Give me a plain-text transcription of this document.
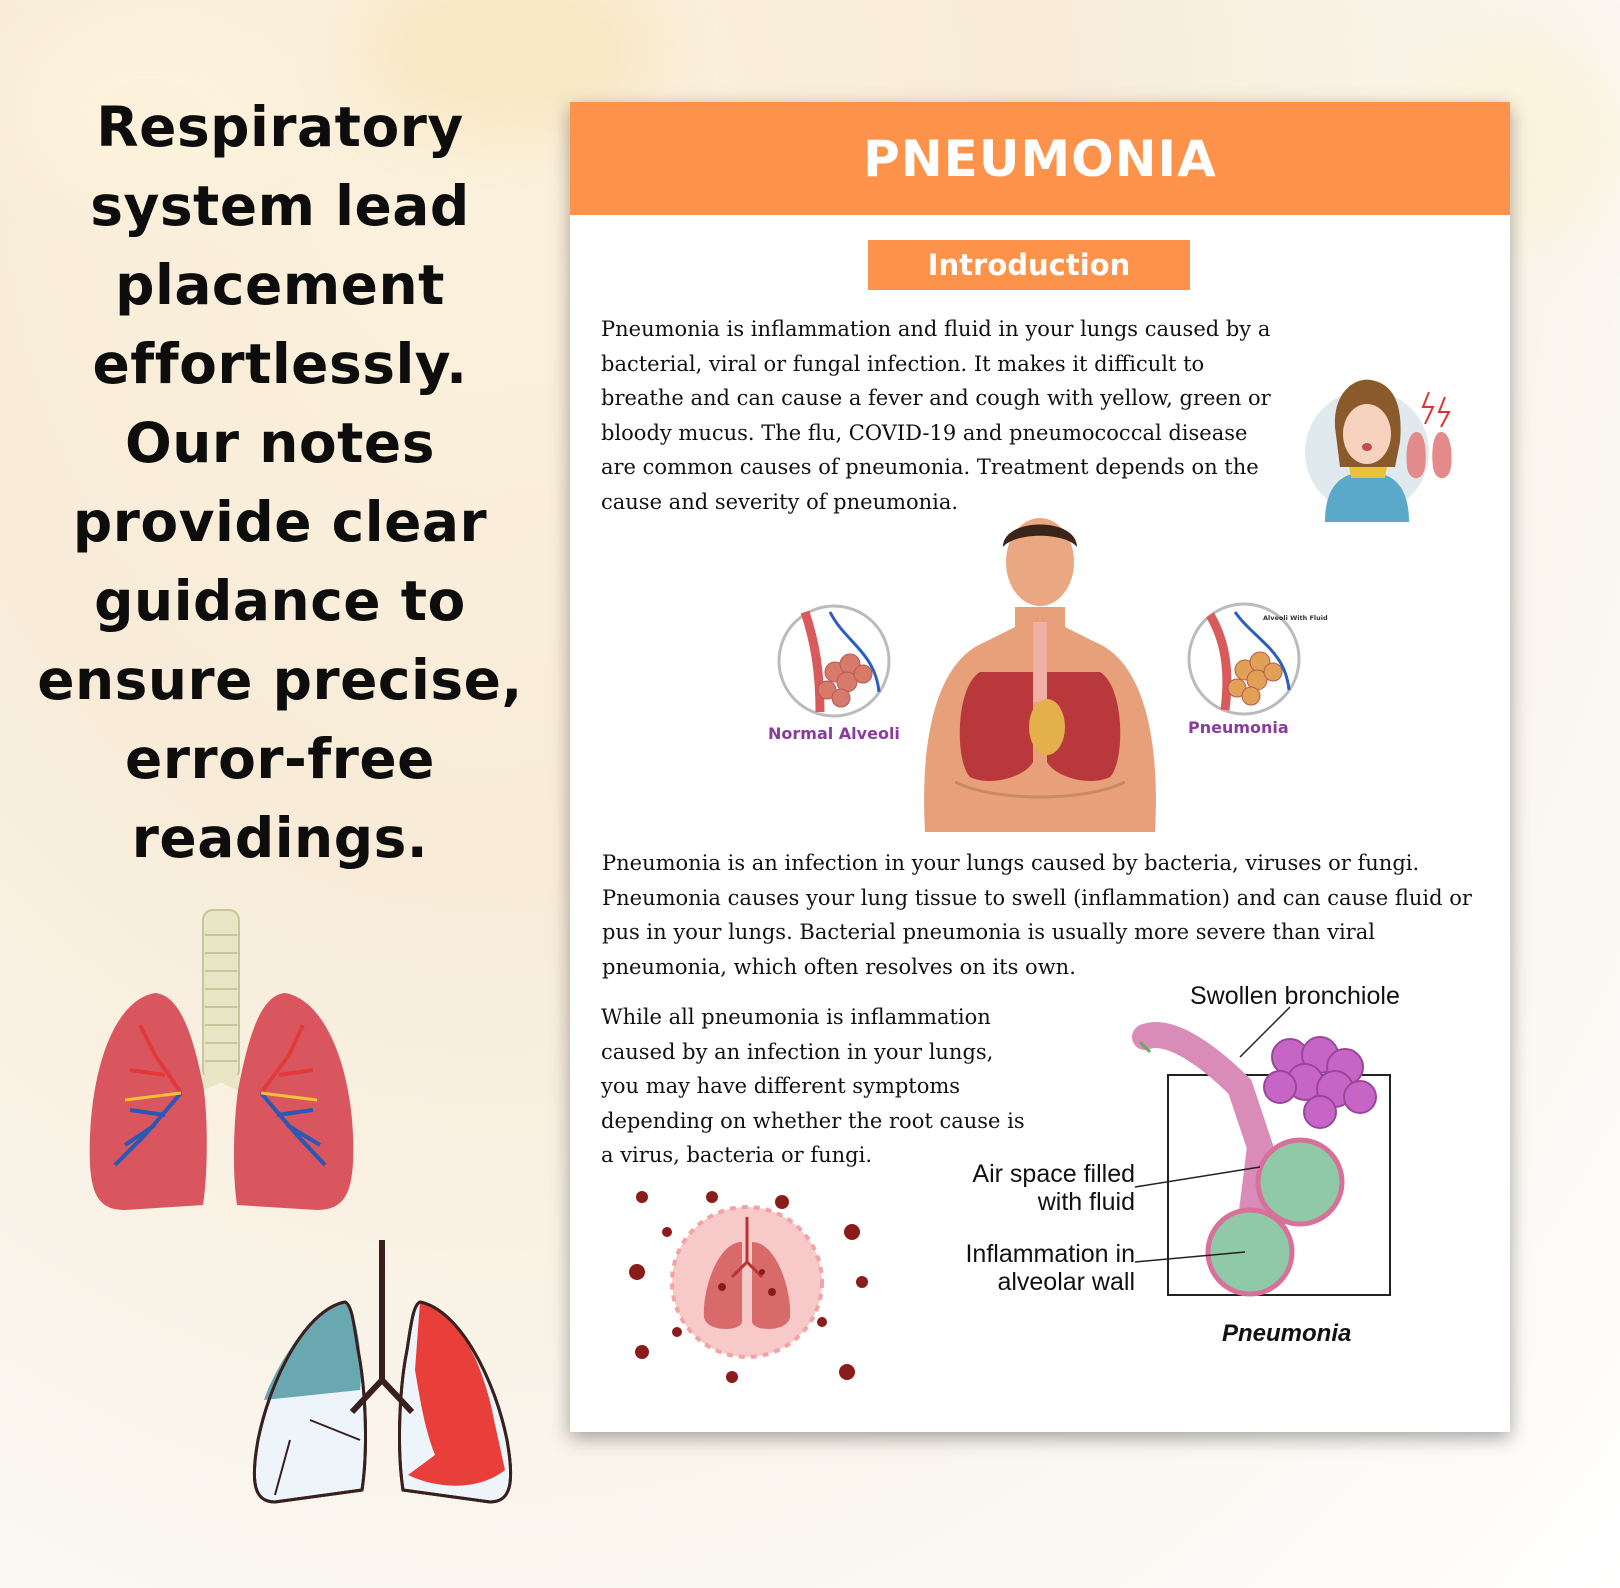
Respiratory
system lead
placement
effortlessly.
Our notes
provide clear
guidance to
ensure precise,
error-free
readings.
PNEUMONIA
Introduction
Pneumonia is inflammation and fluid in your lungs caused by a bacterial, viral or fungal infection. It makes it difficult to breathe and can cause a fever and cough with yellow, green or bloody mucus. The flu, COVID-19 and pneumococcal disease are common causes of pneumonia. Treatment depends on the cause and severity of pneumonia.
Normal Alveoli
Alveoli With Fluid
Pneumonia
Pneumonia is an infection in your lungs caused by bacteria, viruses or fungi. Pneumonia causes your lung tissue to swell (inflammation) and can cause fluid or pus in your lungs. Bacterial pneumonia is usually more severe than viral pneumonia, which often resolves on its own.
While all pneumonia is inflammation caused by an infection in your lungs, you may have different symptoms depending on whether the root cause is a virus, bacteria or fungi.
Swollen bronchiole
Air space filled
with fluid
Inflammation in
alveolar wall
Pneumonia
